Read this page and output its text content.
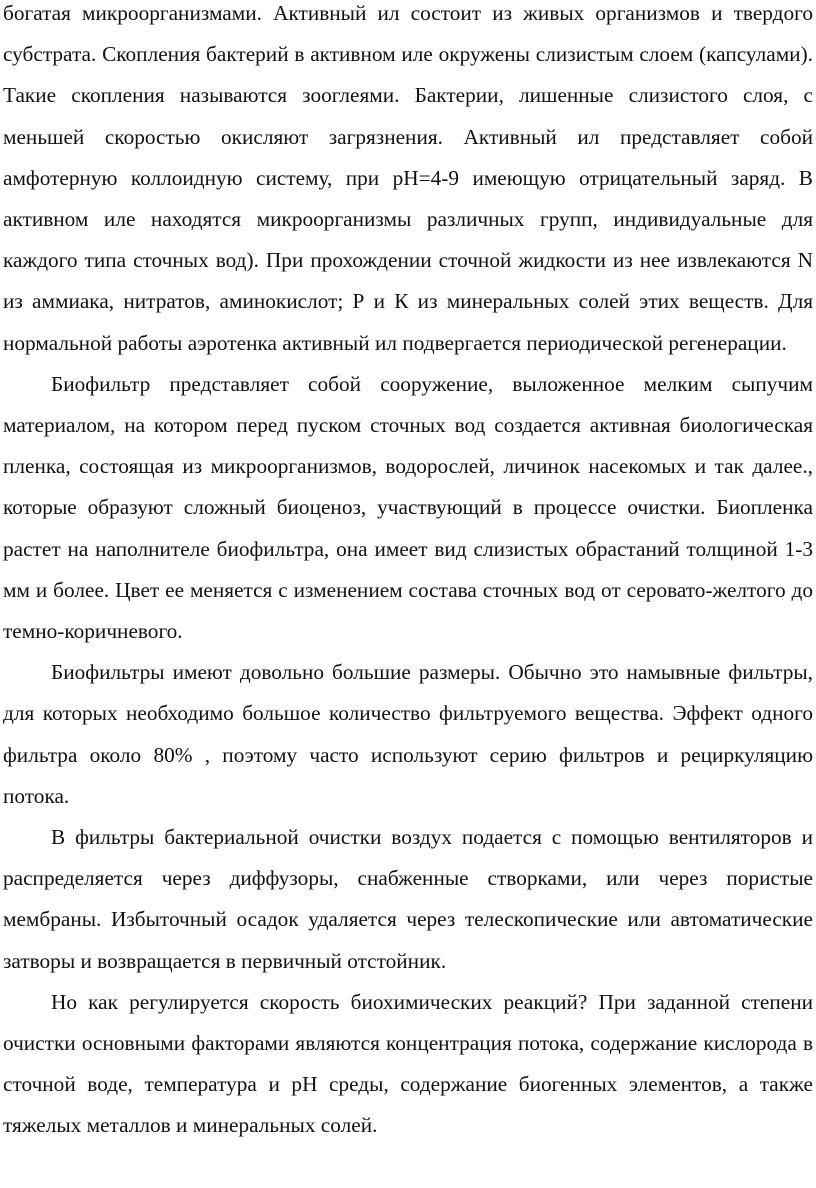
богатая микроорганизмами. Активный ил состоит из живых организмов и твердого субстрата. Скопления бактерий в активном иле окружены слизистым слоем (капсулами). Такие скопления называются зооглеями. Бактерии, лишенные слизистого слоя, с меньшей скоростью окисляют загрязнения. Активный ил представляет собой амфотерную коллоидную систему, при рН=4-9 имеющую отрицательный заряд. В активном иле находятся микроорганизмы различных групп, индивидуальные для каждого типа сточных вод). При прохождении сточной жидкости из нее извлекаются N из аммиака, нитратов, аминокислот; Р и К из минеральных солей этих веществ. Для нормальной работы аэротенка активный ил подвергается периодической регенерации.

Биофильтр представляет собой сооружение, выложенное мелким сыпучим материалом, на котором перед пуском сточных вод создается активная биологическая пленка, состоящая из микроорганизмов, водорослей, личинок насекомых и так далее., которые образуют сложный биоценоз, участвующий в процессе очистки. Биопленка растет на наполнителе биофильтра, она имеет вид слизистых обрастаний толщиной 1-3 мм и более. Цвет ее меняется с изменением состава сточных вод от серовато-желтого до темно-коричневого.

Биофильтры имеют довольно большие размеры. Обычно это намывные фильтры, для которых необходимо большое количество фильтруемого вещества. Эффект одного фильтра около 80% , поэтому часто используют серию фильтров и рециркуляцию потока.

В фильтры бактериальной очистки воздух подается с помощью вентиляторов и распределяется через диффузоры, снабженные створками, или через пористые мембраны. Избыточный осадок удаляется через телескопические или автоматические затворы и возвращается в первичный отстойник.

Но как регулируется скорость биохимических реакций? При заданной степени очистки основными факторами являются концентрация потока, содержание кислорода в сточной воде, температура и рН среды, содержание биогенных элементов, а также тяжелых металлов и минеральных солей.
